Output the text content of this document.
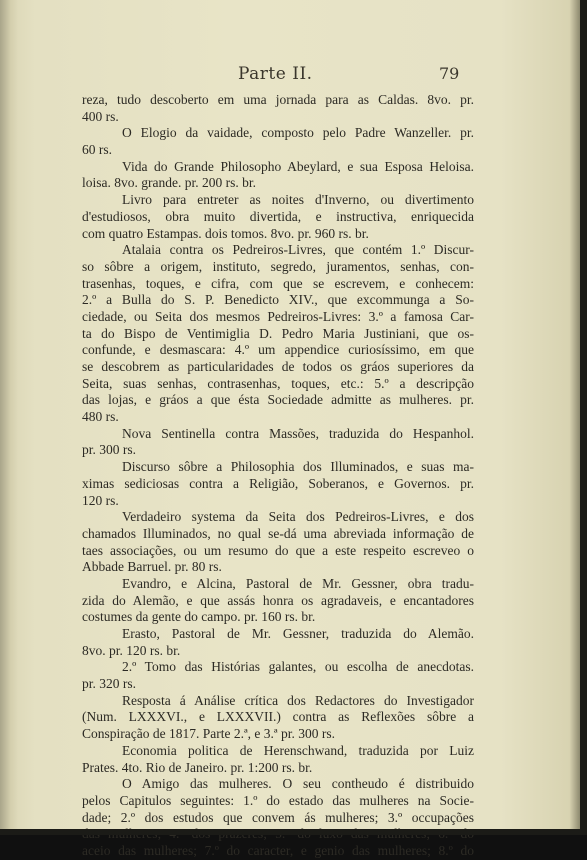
Parte II.	79
reza, tudo descoberto em uma jornada para as Caldas. 8vo. pr.
400 rs.
O Elogio da vaidade, composto pelo Padre Wanzeller. pr.
60 rs.
Vida do Grande Philosopho Abeylard, e sua Esposa Heloisa.
loisa. 8vo. grande. pr. 200 rs. br.
Livro para entreter as noites d'Inverno, ou divertimento
d'estudiosos, obra muito divertida, e instructiva, enriquecida
com quatro Estampas. dois tomos. 8vo. pr. 960 rs. br.
Atalaia contra os Pedreiros-Livres, que contém 1.º Discur-
so sôbre a origem, instituto, segredo, juramentos, senhas, con-
trasenhas, toques, e cifra, com que se escrevem, e conhecem:
2.º a Bulla do S. P. Benedicto XIV., que excommunga a So-
ciedade, ou Seita dos mesmos Pedreiros-Livres: 3.º a famosa Car-
ta do Bispo de Ventimiglia D. Pedro Maria Justiniani, que os-
confunde, e desmascara: 4.º um appendice curiosíssimo, em que
se descobrem as particularidades de todos os gráos superiores da
Seita, suas senhas, contrasenhas, toques, etc.: 5.º a descripção
das lojas, e gráos a que ésta Sociedade admitte as mulheres. pr.
480 rs.
Nova Sentinella contra Massões, traduzida do Hespanhol.
pr. 300 rs.
Discurso sôbre a Philosophia dos Illuminados, e suas ma-
ximas sediciosas contra a Religião, Soberanos, e Governos. pr.
120 rs.
Verdadeiro systema da Seita dos Pedreiros-Livres, e dos
chamados Illuminados, no qual se-dá uma abreviada informação de
taes associações, ou um resumo do que a este respeito escreveo o
Abbade Barruel. pr. 80 rs.
Evandro, e Alcina, Pastoral de Mr. Gessner, obra tradu-
zida do Alemão, e que assás honra os agradaveis, e encantadores
costumes da gente do campo. pr. 160 rs. br.
Erasto, Pastoral de Mr. Gessner, traduzida do Alemão.
8vo. pr. 120 rs. br.
2.º Tomo das Histórias galantes, ou escolha de anecdotas.
pr. 320 rs.
Resposta á Análise crítica dos Redactores do Investigador
(Num. LXXXVI., e LXXXVII.) contra as Reflexões sôbre a
Conspiração de 1817. Parte 2.ª, e 3.ª pr. 300 rs.
Economia politica de Herenschwand, traduzida por Luiz
Prates. 4to. Rio de Janeiro. pr. 1:200 rs. br.
O Amigo das mulheres. O seu contheudo é distribuido
pelos Capitulos seguintes: 1.º do estado das mulheres na Socie-
dade; 2.º dos estudos que convem ás mulheres; 3.º occupações
aceio das mulheres; 7.º do caracter, e genio das mulheres; 8.º do
